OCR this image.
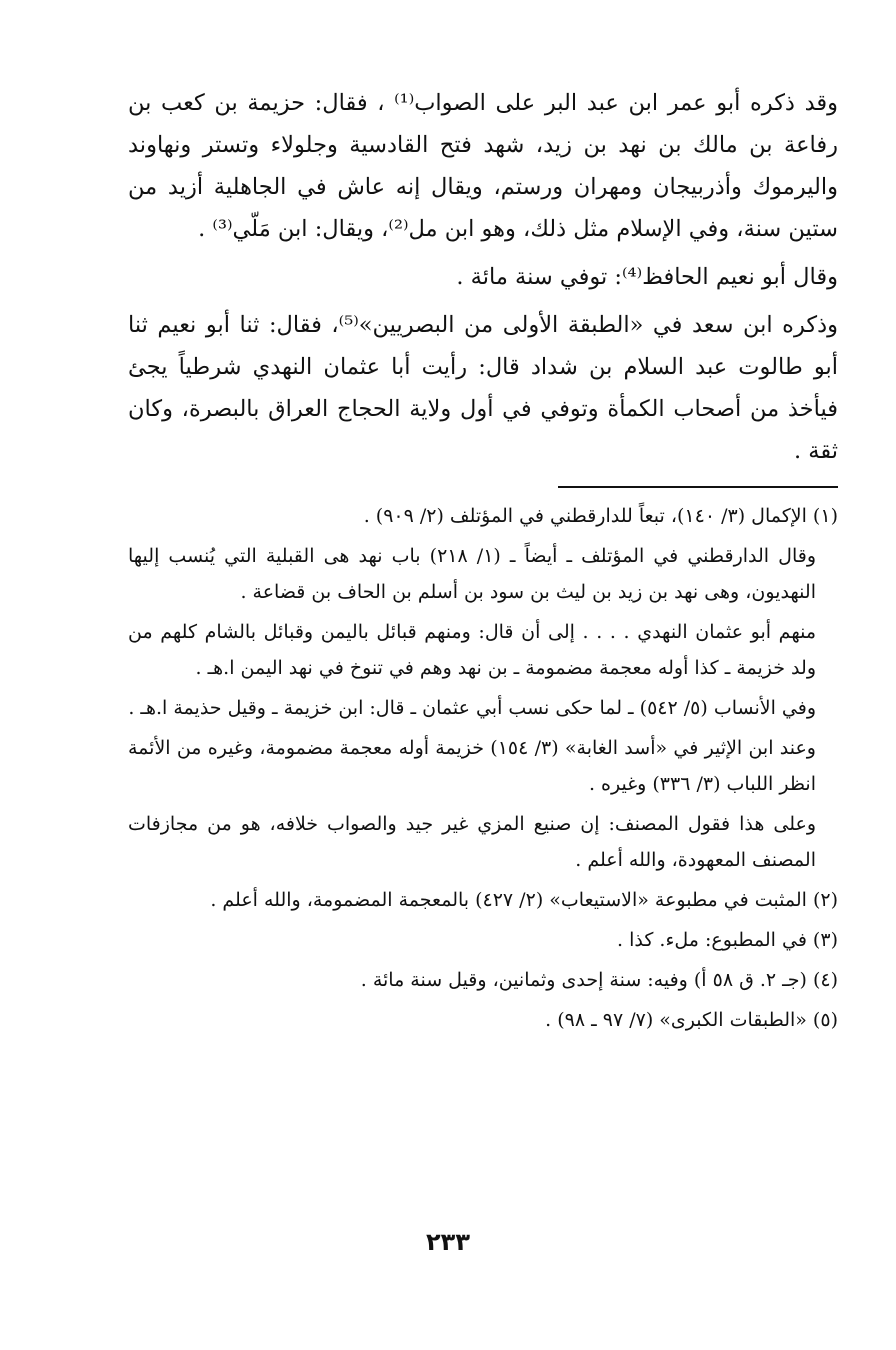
وقد ذكره أبو عمر ابن عبد البر على الصواب⁽¹⁾ ، فقال: حزيمة بن كعب بن رفاعة بن مالك بن نهد بن زيد، شهد فتح القادسية وجلولاء وتستر ونهاوند واليرموك وأذربيجان ومهران ورستم، ويقال إنه عاش في الجاهلية أزيد من ستين سنة، وفي الإسلام مثل ذلك، وهو ابن مل⁽²⁾، ويقال: ابن مَلّي⁽³⁾ .

وقال أبو نعيم الحافظ⁽⁴⁾: توفي سنة مائة .

وذكره ابن سعد في «الطبقة الأولى من البصريين»⁽⁵⁾، فقال: ثنا أبو نعيم ثنا أبو طالوت عبد السلام بن شداد قال: رأيت أبا عثمان النهدي شرطياً يجئ فيأخذ من أصحاب الكمأة وتوفي في أول ولاية الحجاج العراق بالبصرة، وكان ثقة .

(١) الإكمال (٣/ ١٤٠)، تبعاً للدارقطني في المؤتلف (٢/ ٩٠٩) .

وقال الدارقطني في المؤتلف ـ أيضاً ـ (١/ ٢١٨) باب نهد هى القبلية التي يُنسب إليها النهديون، وهى نهد بن زيد بن ليث بن سود بن أسلم بن الحاف بن قضاعة .

منهم أبو عثمان النهدي . . . . إلى أن قال: ومنهم قبائل باليمن وقبائل بالشام كلهم من ولد خزيمة ـ كذا أوله معجمة مضمومة ـ بن نهد وهم في تنوخ في نهد اليمن ا.هـ .

وفي الأنساب (٥/ ٥٤٢) ـ لما حكى نسب أبي عثمان ـ قال: ابن خزيمة ـ وقيل حذيمة ا.هـ .

وعند ابن الإثير في «أسد الغابة» (٣/ ١٥٤) خزيمة أوله معجمة مضمومة، وغيره من الأئمة انظر اللباب (٣/ ٣٣٦) وغيره .

وعلى هذا فقول المصنف: إن صنيع المزي غير جيد والصواب خلافه، هو من مجازفات المصنف المعهودة، والله أعلم .

(٢) المثبت في مطبوعة «الاستيعاب» (٢/ ٤٢٧) بالمعجمة المضمومة، والله أعلم .

(٣) في المطبوع: ملء. كذا .

(٤) (جـ ٢. ق ٥٨ أ) وفيه: سنة إحدى وثمانين، وقيل سنة مائة .

(٥) «الطبقات الكبرى» (٧/ ٩٧ ـ ٩٨) .

٢٣٣
